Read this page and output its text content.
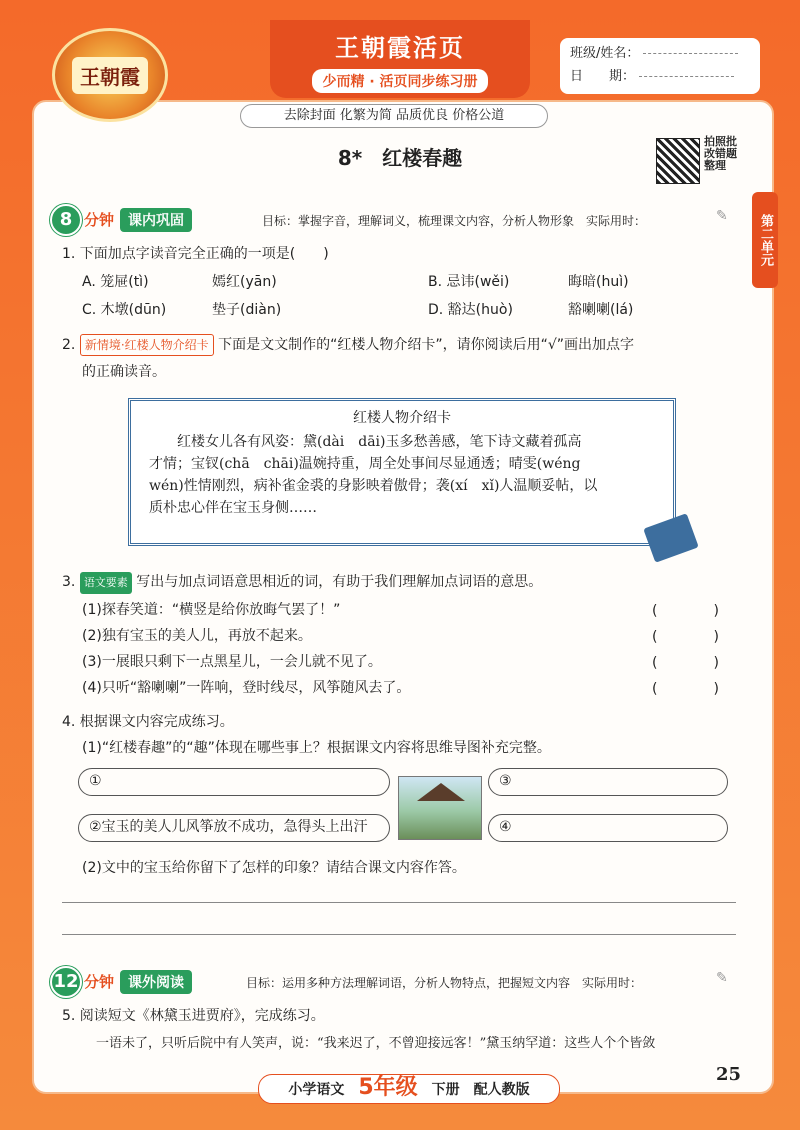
王朝霞
王朝霞活页
少而精 · 活页同步练习册
去除封面 化繁为简 品质优良 价格公道
班级/姓名：
日　　期：
8*　红楼春趣
拍照批改错题整理
第二单元
8 分钟 课内巩固	目标：掌握字音，理解词义，梳理课文内容，分析人物形象　实际用时：	✎
1. 下面加点字读音完全正确的一项是(　　)
A. 笼屉(tì)	嫣红(yān)	B. 忌讳(wěi)	晦暗(huì)
C. 木墩(dūn)	垫子(diàn)	D. 豁达(huò)	豁喇喇(lá)
2. 新情境·红楼人物介绍卡 下面是文文制作的“红楼人物介绍卡”，请你阅读后用“√”画出加点字
的正确读音。
红楼人物介绍卡
红楼女儿各有风姿：黛(dài　dāi)玉多愁善感，笔下诗文藏着孤高
才情；宝钗(chā　chāi)温婉持重，周全处事间尽显通透；晴雯(wéng
wén)性情刚烈，病补雀金裘的身影映着傲骨；袭(xí　xǐ)人温顺妥帖，以
质朴忠心伴在宝玉身侧……
3. 语文要素 写出与加点词语意思相近的词，有助于我们理解加点词语的意思。
(1)探春笑道：“横竖是给你放晦气罢了！”	(　　　　)
(2)独有宝玉的美人儿，再放不起来。	(　　　　)
(3)一展眼只剩下一点黑星儿，一会儿就不见了。	(　　　　)
(4)只听“豁喇喇”一阵响，登时线尽，风筝随风去了。	(　　　　)
4. 根据课文内容完成练习。
(1)“红楼春趣”的“趣”体现在哪些事上？根据课文内容将思维导图补充完整。
①
②宝玉的美人儿风筝放不成功，急得头上出汗
③
④
(2)文中的宝玉给你留下了怎样的印象？请结合课文内容作答。
12 分钟 课外阅读	目标：运用多种方法理解词语，分析人物特点，把握短文内容　实际用时：	✎
5. 阅读短文《林黛玉进贾府》，完成练习。
一语未了，只听后院中有人笑声，说：“我来迟了，不曾迎接远客！”黛玉纳罕道：这些人个个皆敛
小学语文　 5年级　 下册　 配人教版
25
